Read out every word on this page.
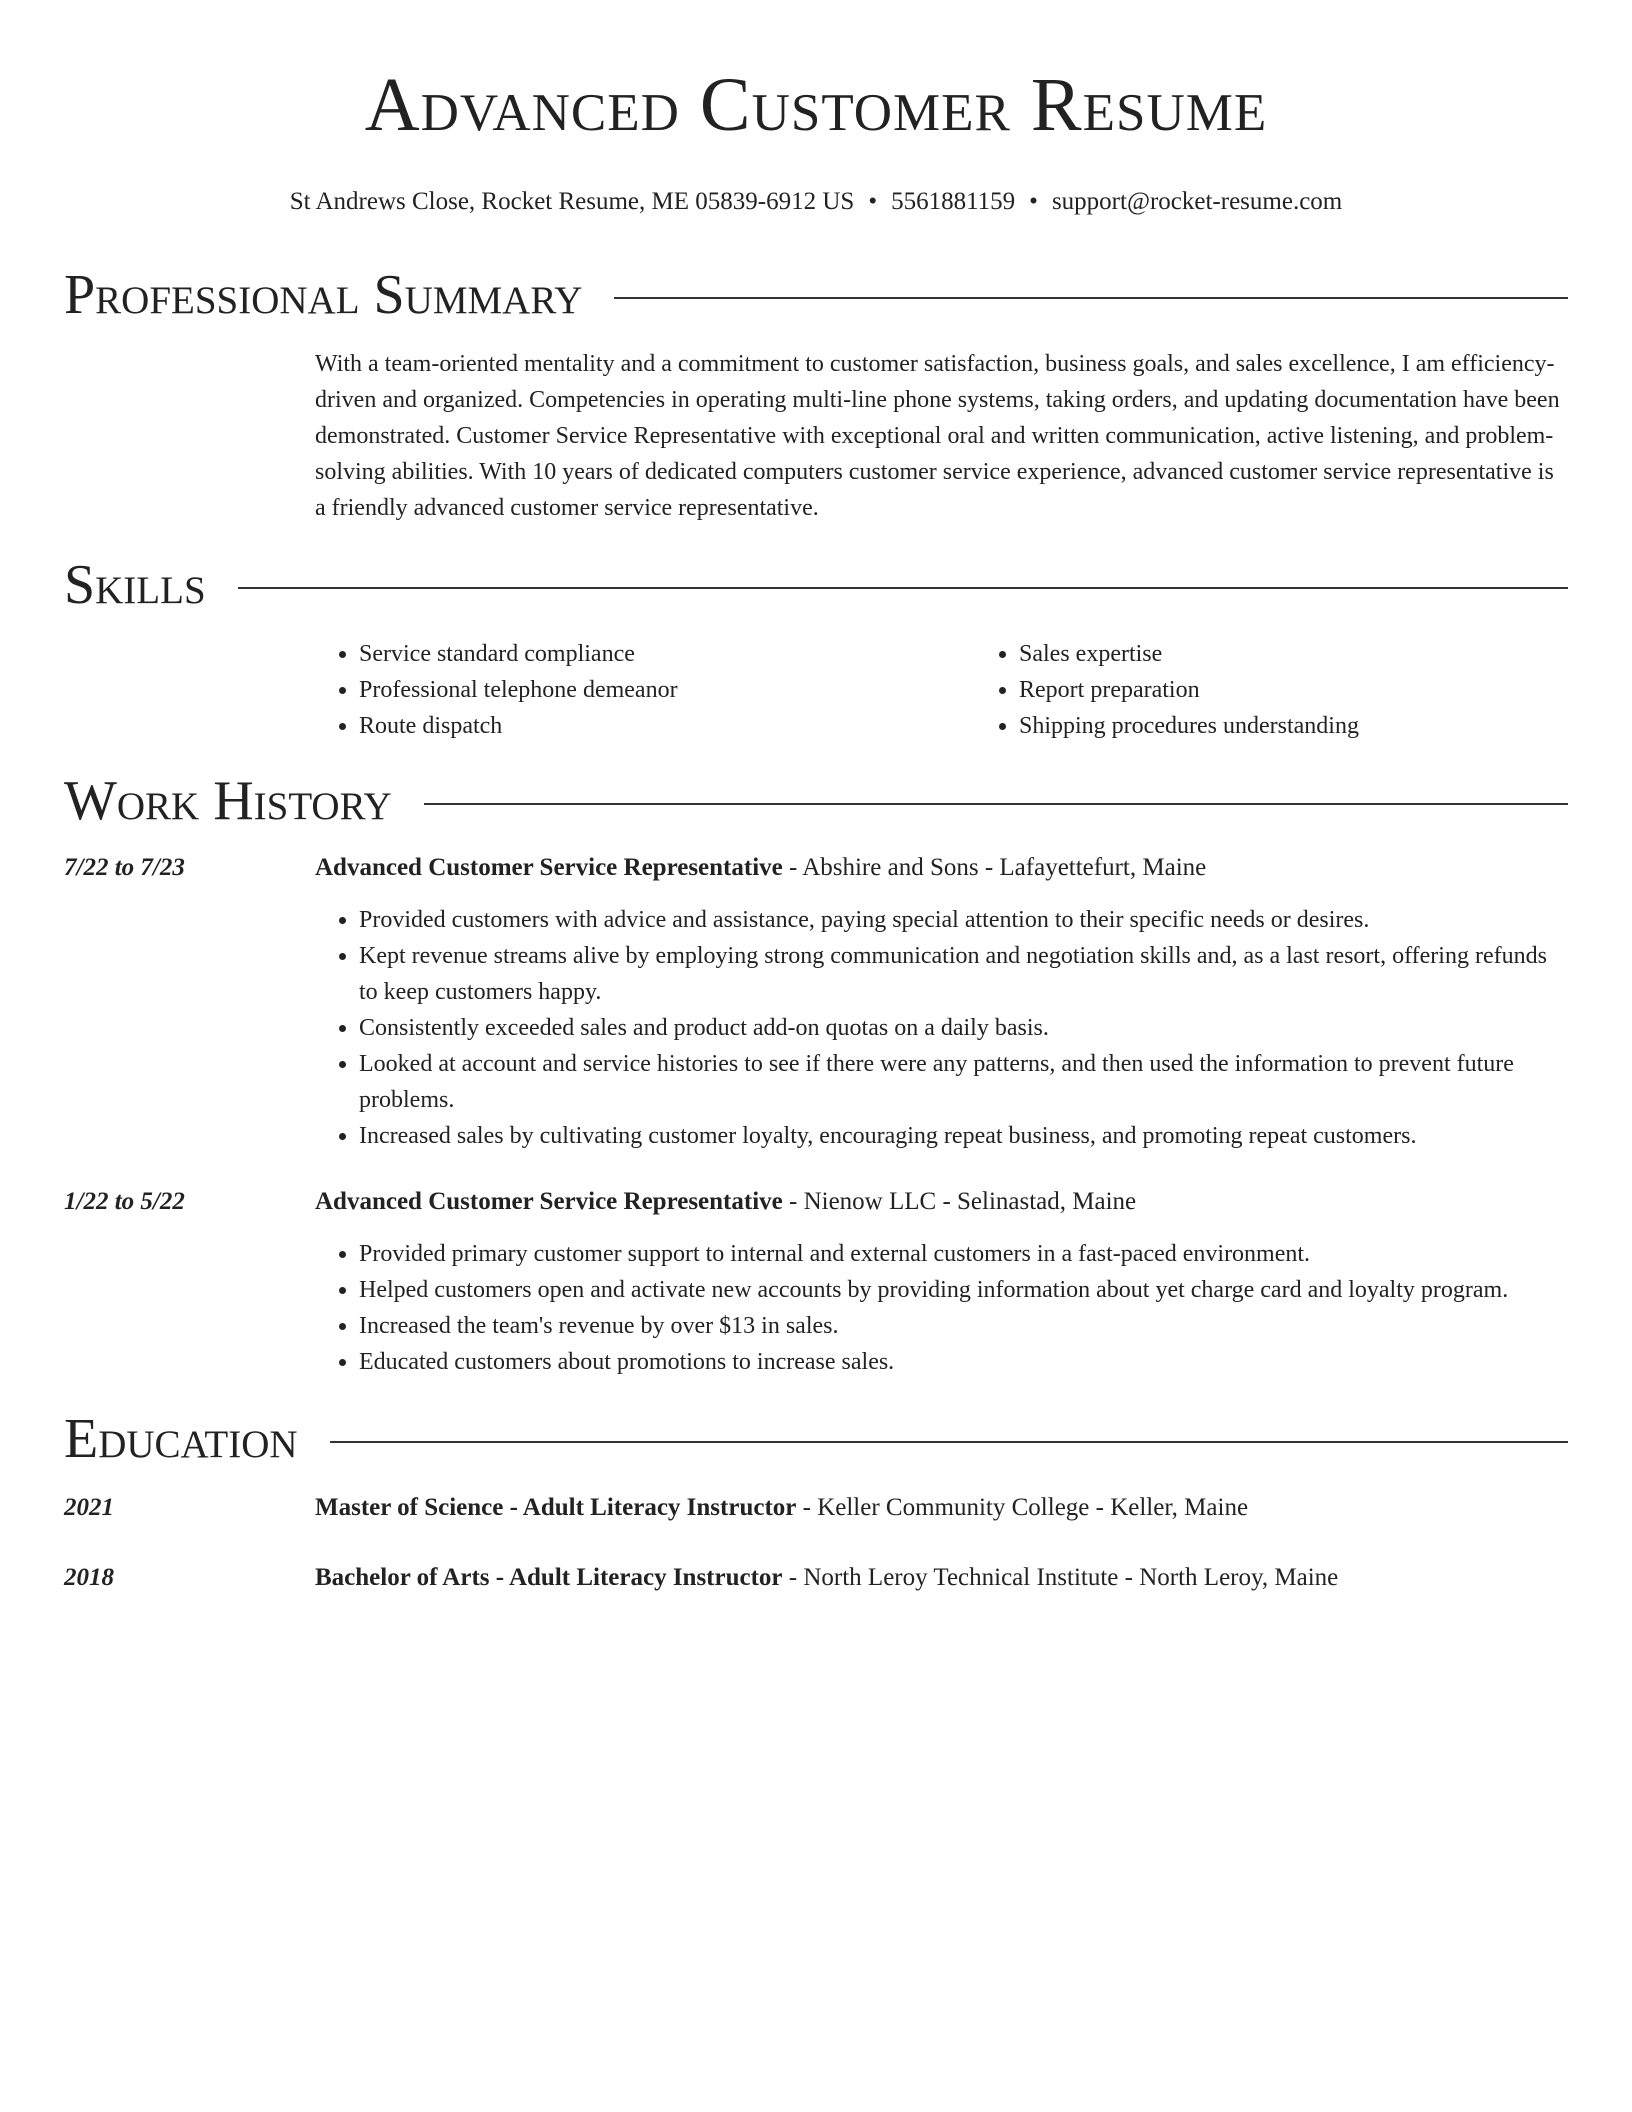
Advanced Customer Resume
St Andrews Close, Rocket Resume, ME 05839-6912 US • 5561881159 • support@rocket-resume.com
Professional Summary

With a team-oriented mentality and a commitment to customer satisfaction, business goals, and sales excellence, I am efficiency-driven and organized. Competencies in operating multi-line phone systems, taking orders, and updating documentation have been demonstrated. Customer Service Representative with exceptional oral and written communication, active listening, and problem-solving abilities. With 10 years of dedicated computers customer service experience, advanced customer service representative is a friendly advanced customer service representative.

Skills
• Service standard compliance
• Professional telephone demeanor
• Route dispatch
• Sales expertise
• Report preparation
• Shipping procedures understanding
Work History
7/22 to 7/23	Advanced Customer Service Representative - Abshire and Sons - Lafayettefurt, Maine
• Provided customers with advice and assistance, paying special attention to their specific needs or desires.
• Kept revenue streams alive by employing strong communication and negotiation skills and, as a last resort, offering refunds to keep customers happy.
• Consistently exceeded sales and product add-on quotas on a daily basis.
• Looked at account and service histories to see if there were any patterns, and then used the information to prevent future problems.
• Increased sales by cultivating customer loyalty, encouraging repeat business, and promoting repeat customers.
1/22 to 5/22	Advanced Customer Service Representative - Nienow LLC - Selinastad, Maine
• Provided primary customer support to internal and external customers in a fast-paced environment.
• Helped customers open and activate new accounts by providing information about yet charge card and loyalty program.
• Increased the team's revenue by over $13 in sales.
• Educated customers about promotions to increase sales.
Education
2021	Master of Science - Adult Literacy Instructor - Keller Community College - Keller, Maine
2018	Bachelor of Arts - Adult Literacy Instructor - North Leroy Technical Institute - North Leroy, Maine
